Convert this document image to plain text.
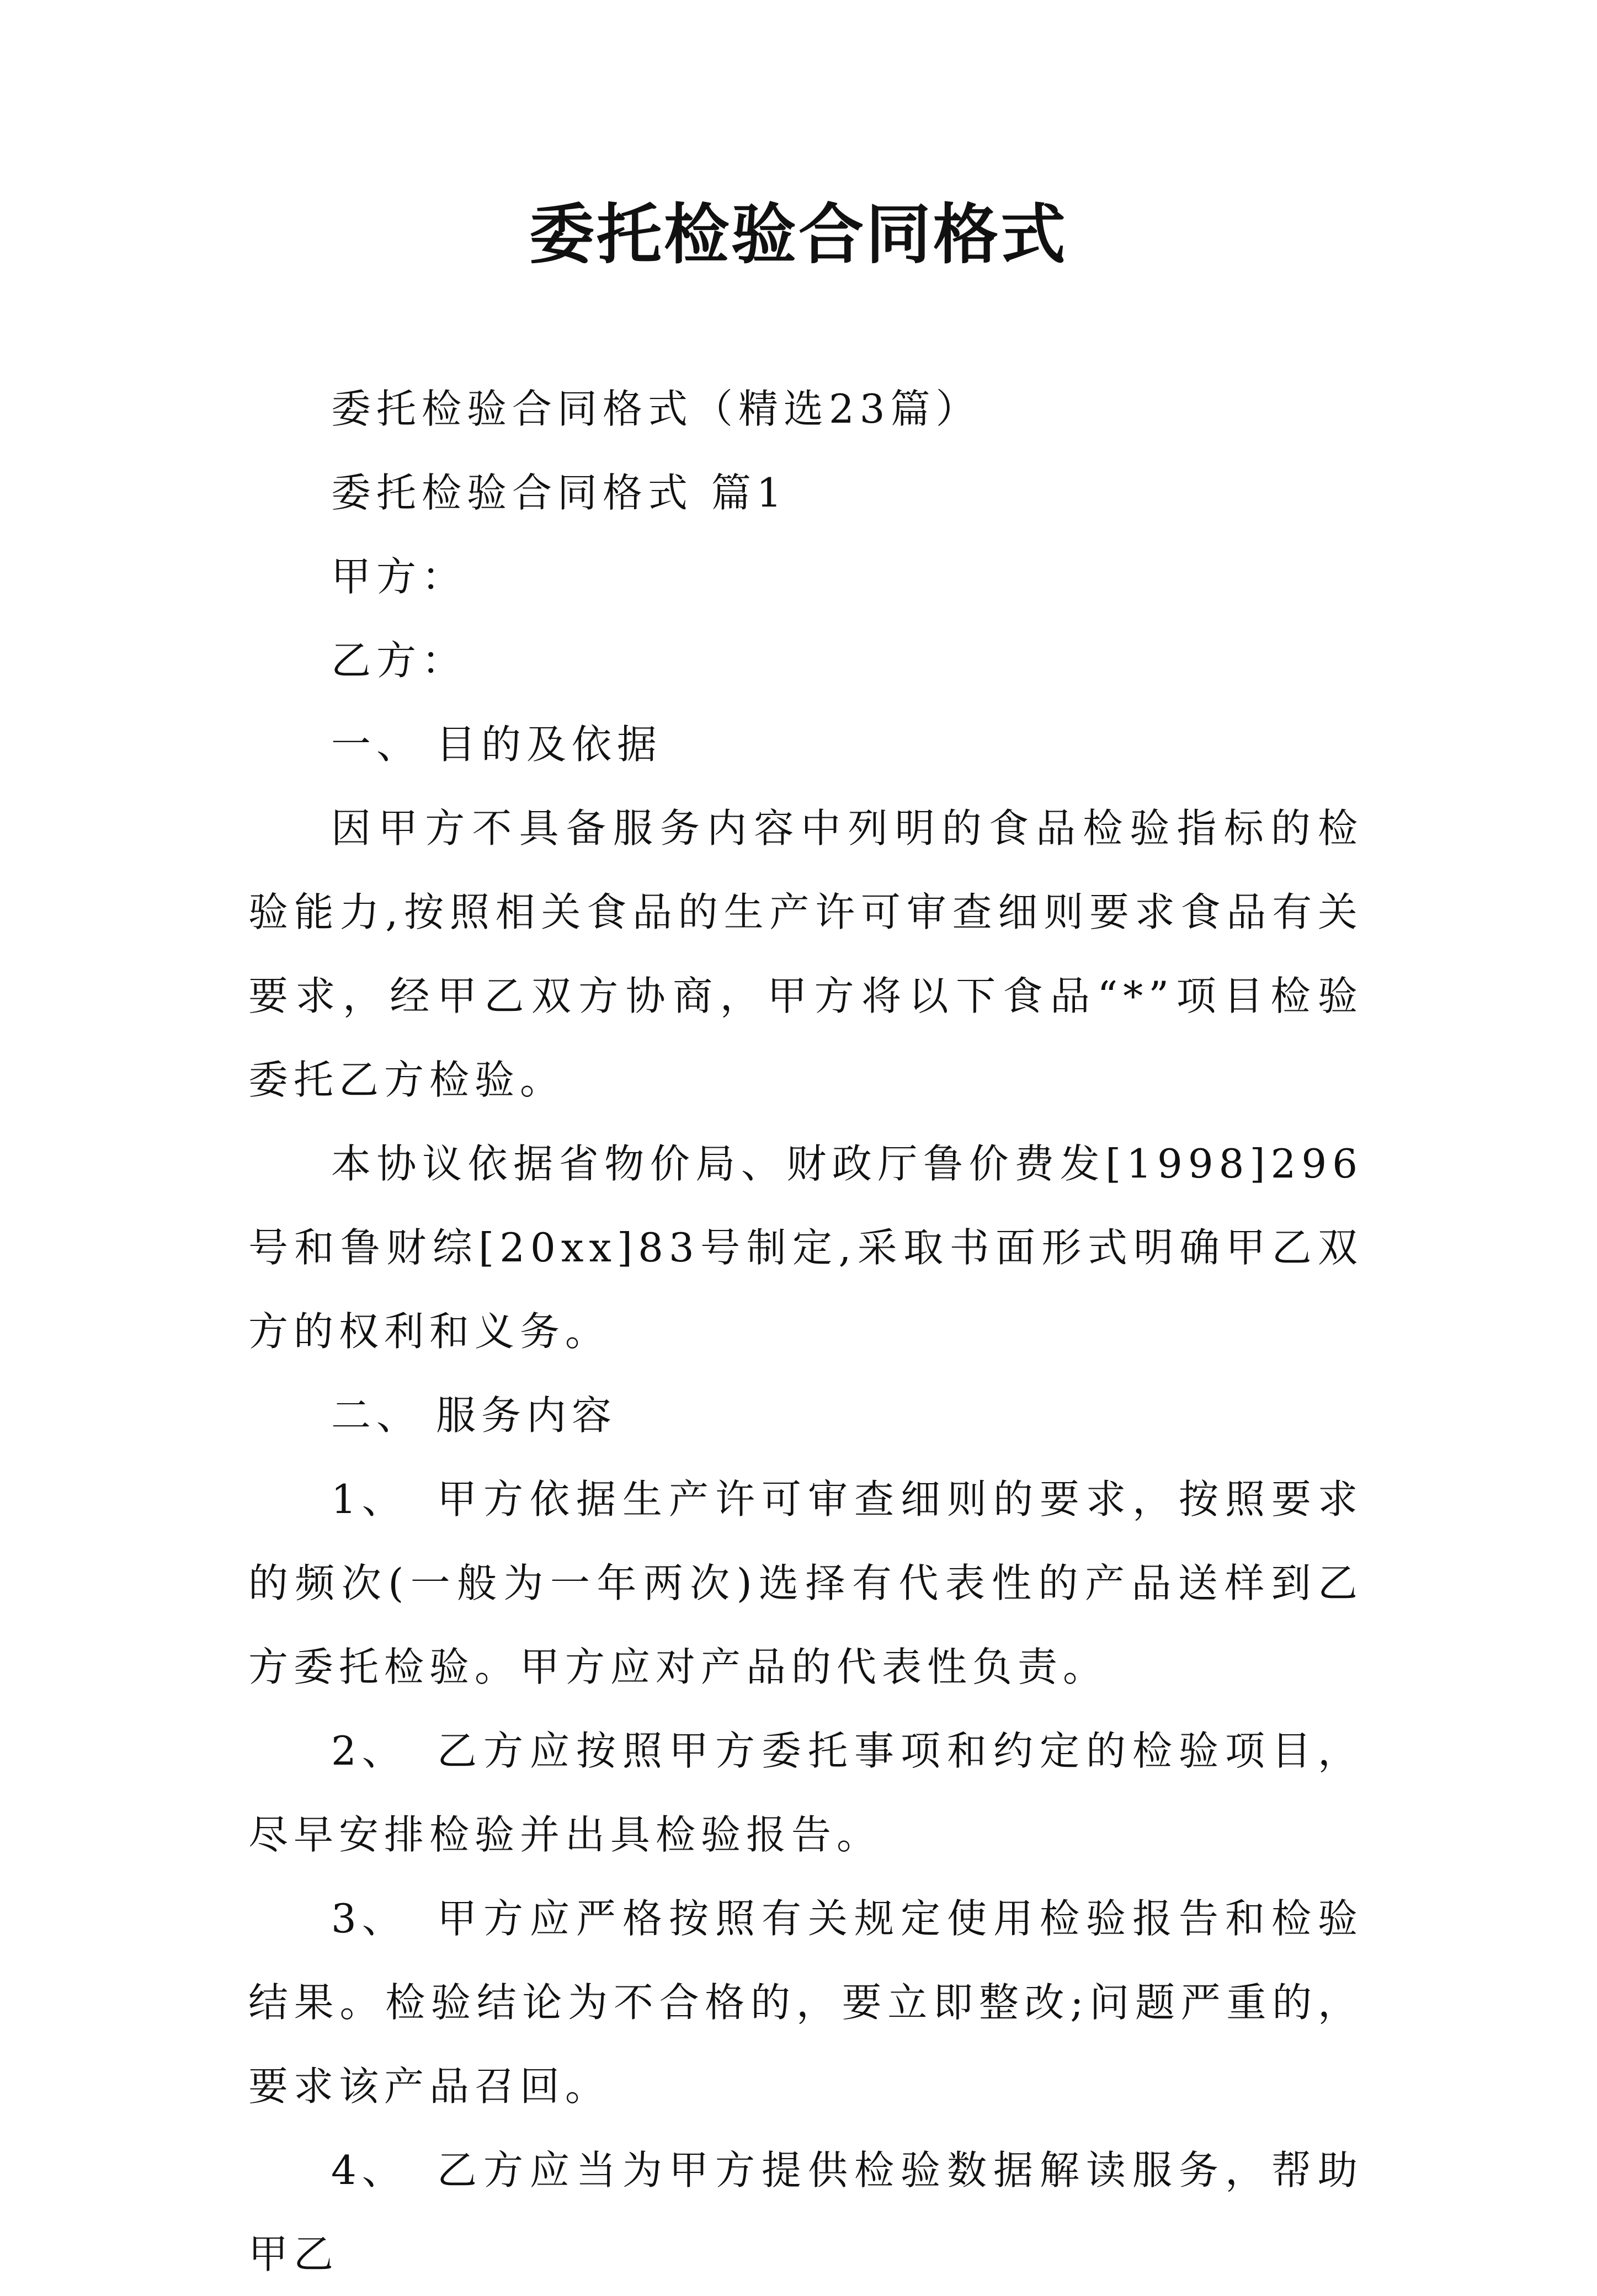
委托检验合同格式

委托检验合同格式（精选23篇）

委托检验合同格式 篇1

甲方：

乙方：

一、 目的及依据

因甲方不具备服务内容中列明的食品检验指标的检验能力,按照相关食品的生产许可审查细则要求食品有关要求，经甲乙双方协商，甲方将以下食品“*”项目检验委托乙方检验。

本协议依据省物价局、财政厅鲁价费发[1998]296号和鲁财综[20xx]83号制定,采取书面形式明确甲乙双方的权利和义务。

二、 服务内容

1、 甲方依据生产许可审查细则的要求，按照要求的频次(一般为一年两次)选择有代表性的产品送样到乙方委托检验。甲方应对产品的代表性负责。

2、 乙方应按照甲方委托事项和约定的检验项目，尽早安排检验并出具检验报告。

3、 甲方应严格按照有关规定使用检验报告和检验结果。检验结论为不合格的，要立即整改;问题严重的，要求该产品召回。

4、 乙方应当为甲方提供检验数据解读服务，帮助甲乙
